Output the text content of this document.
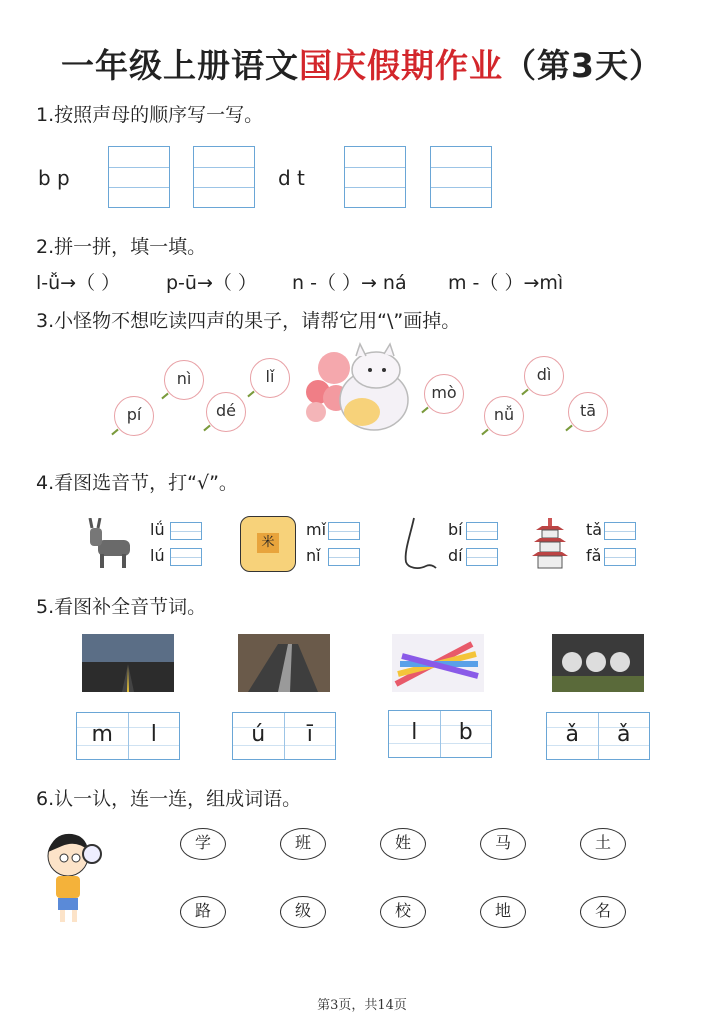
一年级上册语文国庆假期作业（第3天）
1.按照声母的顺序写一写。
b p	d t
2.拼一拼，填一填。
l-ǚ→（ ） p-ū→（ ） n -（ ）→ ná m -（ ）→mì
3.小怪物不想吃读四声的果子，请帮它用“\”画掉。
nì	lǐ
pí	dé
mò
dì
nǚ	tā
4.看图选音节，打“√”。
lǘ
lú
米
mǐ
nǐ
bí
dí
tǎ
fǎ
5.看图补全音节词。
m	l	ú	ī	l	b	ǎ	ǎ
6.认一认，连一连，组成词语。
学	班	姓	马	土
路	级	校	地	名
第3页，共14页
